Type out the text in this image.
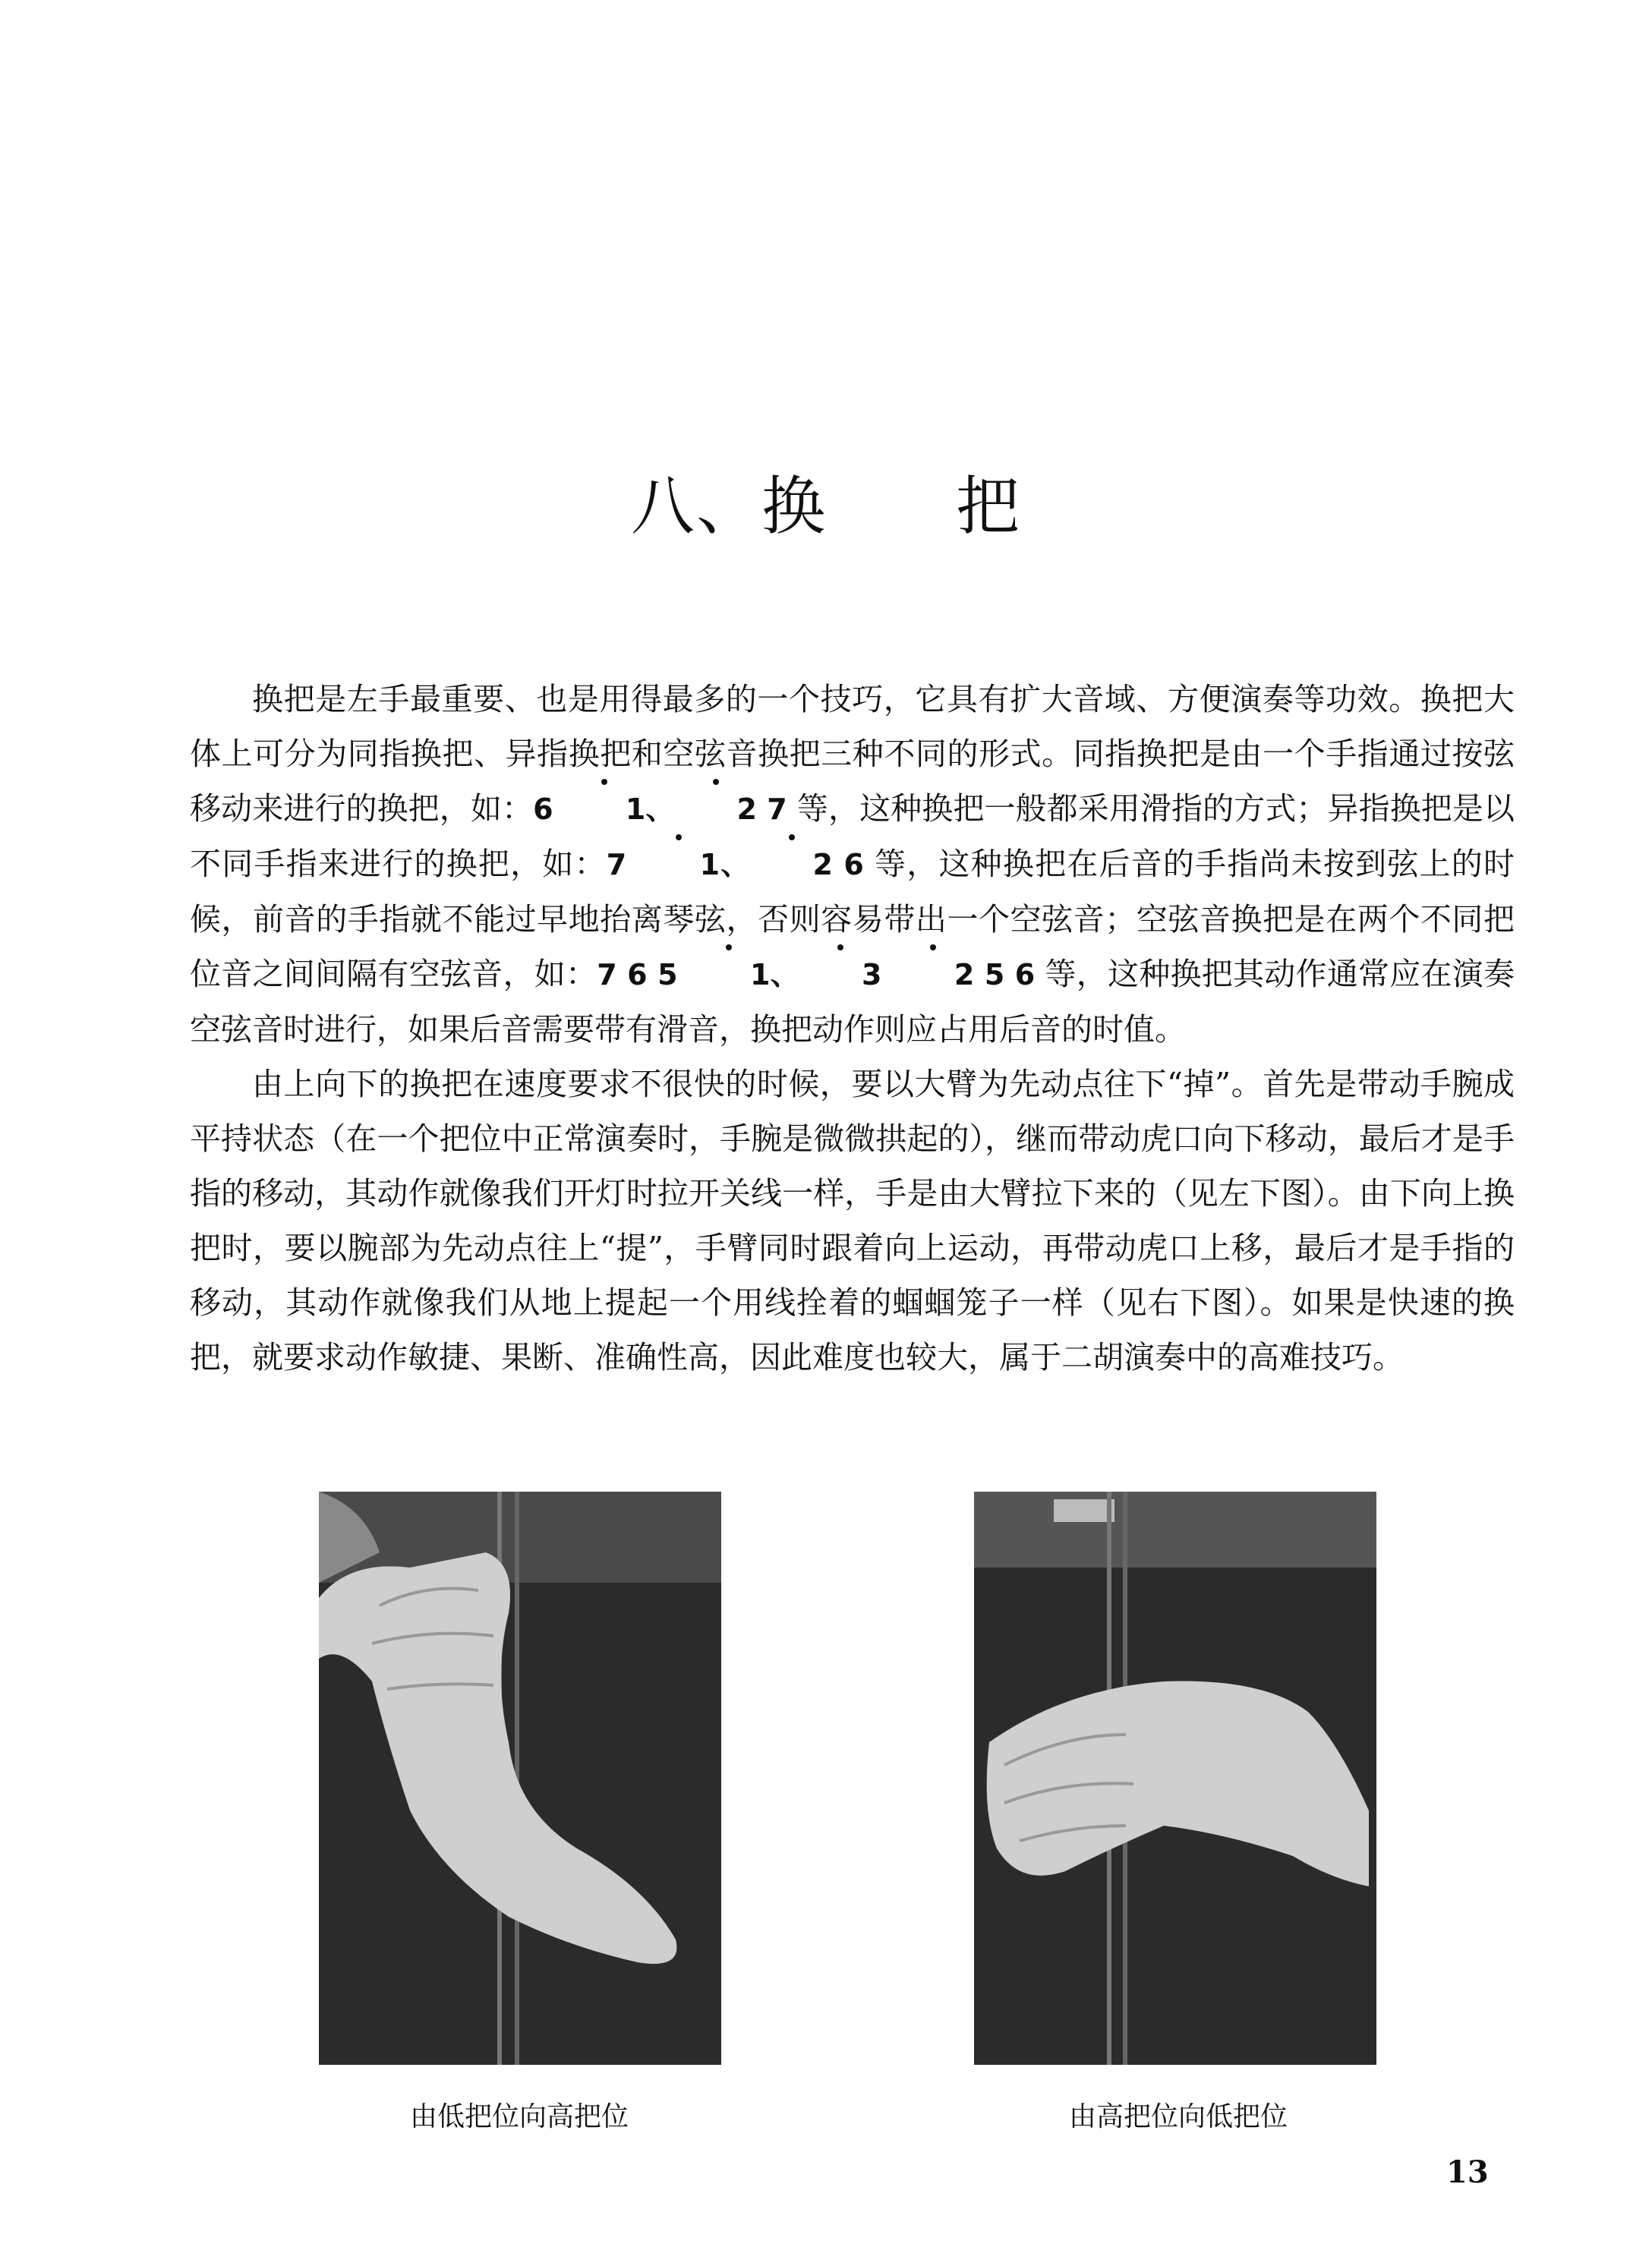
八、换 把

换把是左手最重要、也是用得最多的一个技巧，它具有扩大音域、方便演奏等功效。换把大体上可分为同指换把、异指换把和空弦音换把三种不同的形式。同指换把是由一个手指通过按弦移动来进行的换把，如：6	1、 2 7 等，这种换把一般都采用滑指的方式；异指换把是以不同手指来进行的换把，如：7	1、 2 6 等，这种换把在后音的手指尚未按到弦上的时候，前音的手指就不能过早地抬离琴弦，否则容易带出一个空弦音；空弦音换把是在两个不同把位音之间间隔有空弦音，如：7 6 5	1、 3	2 5 6 等，这种换把其动作通常应在演奏空弦音时进行，如果后音需要带有滑音，换把动作则应占用后音的时值。

由上向下的换把在速度要求不很快的时候，要以大臂为先动点往下“掉”。首先是带动手腕成平持状态（在一个把位中正常演奏时，手腕是微微拱起的），继而带动虎口向下移动，最后才是手指的移动，其动作就像我们开灯时拉开关线一样，手是由大臂拉下来的（见左下图）。由下向上换把时，要以腕部为先动点往上“提”，手臂同时跟着向上运动，再带动虎口上移，最后才是手指的移动，其动作就像我们从地上提起一个用线拴着的蝈蝈笼子一样（见右下图）。如果是快速的换把，就要求动作敏捷、果断、准确性高，因此难度也较大，属于二胡演奏中的高难技巧。

由低把位向高把位	由高把位向低把位
13
